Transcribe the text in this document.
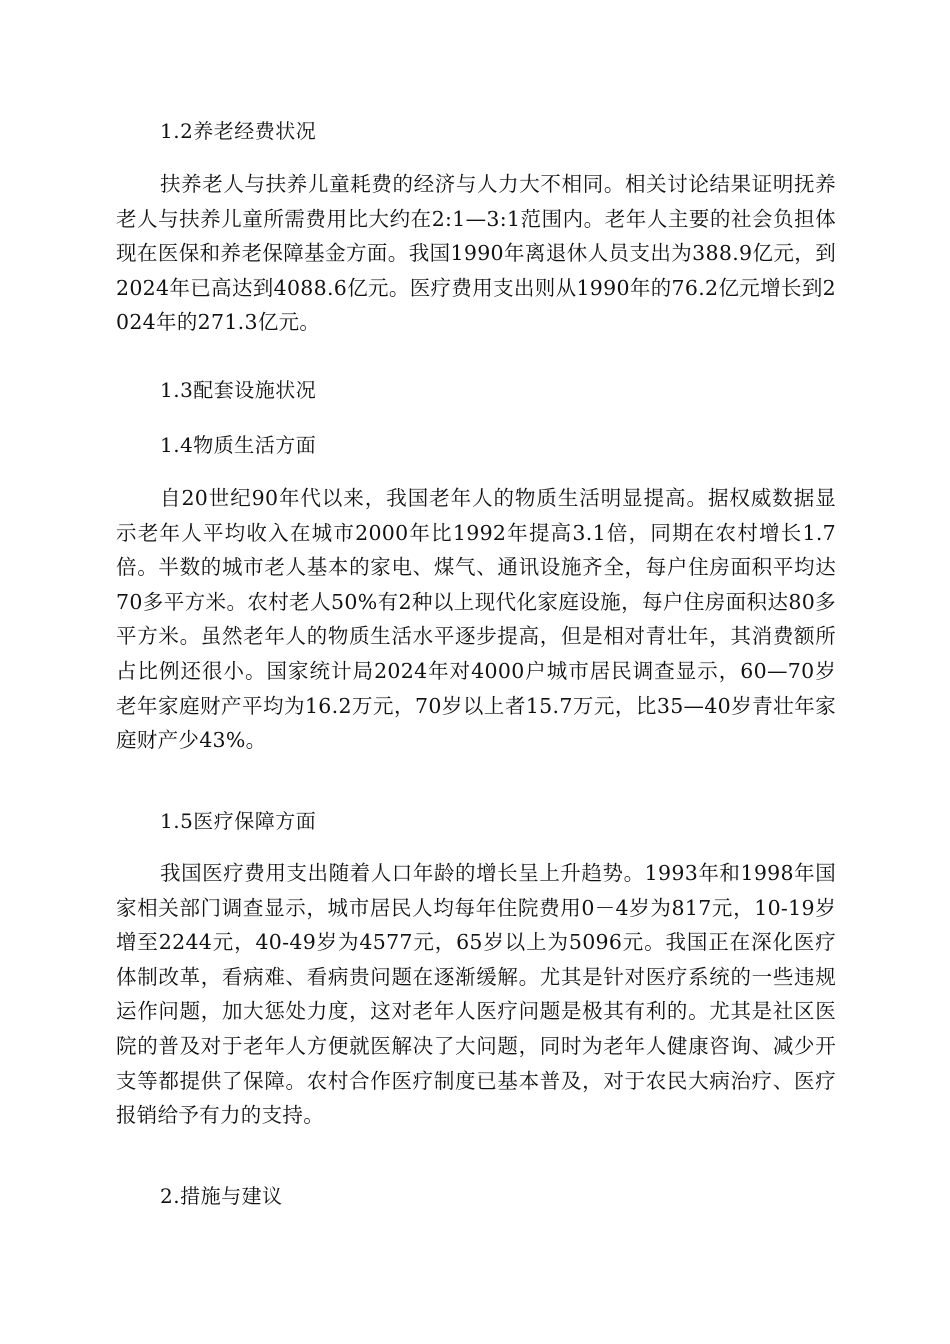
1.2养老经费状况

扶养老人与扶养儿童耗费的经济与人力大不相同。相关讨论结果证明抚养老人与扶养儿童所需费用比大约在2:1—3:1范围内。老年人主要的社会负担体现在医保和养老保障基金方面。我国1990年离退休人员支出为388.9亿元，到2024年已高达到4088.6亿元。医疗费用支出则从1990年的76.2亿元增长到2024年的271.3亿元。

1.3配套设施状况
1.4物质生活方面

自20世纪90年代以来，我国老年人的物质生活明显提高。据权威数据显示老年人平均收入在城市2000年比1992年提高3.1倍，同期在农村增长1.7倍。半数的城市老人基本的家电、煤气、通讯设施齐全，每户住房面积平均达70多平方米。农村老人50%有2种以上现代化家庭设施，每户住房面积达80多平方米。虽然老年人的物质生活水平逐步提高，但是相对青壮年，其消费额所占比例还很小。国家统计局2024年对4000户城市居民调查显示，60—70岁老年家庭财产平均为16.2万元，70岁以上者15.7万元，比35—40岁青壮年家庭财产少43%。

1.5医疗保障方面

我国医疗费用支出随着人口年龄的增长呈上升趋势。1993年和1998年国家相关部门调查显示，城市居民人均每年住院费用0－4岁为817元，10-19岁增至2244元，40-49岁为4577元，65岁以上为5096元。我国正在深化医疗体制改革，看病难、看病贵问题在逐渐缓解。尤其是针对医疗系统的一些违规运作问题，加大惩处力度，这对老年人医疗问题是极其有利的。尤其是社区医院的普及对于老年人方便就医解决了大问题，同时为老年人健康咨询、减少开支等都提供了保障。农村合作医疗制度已基本普及，对于农民大病治疗、医疗报销给予有力的支持。

2.措施与建议
